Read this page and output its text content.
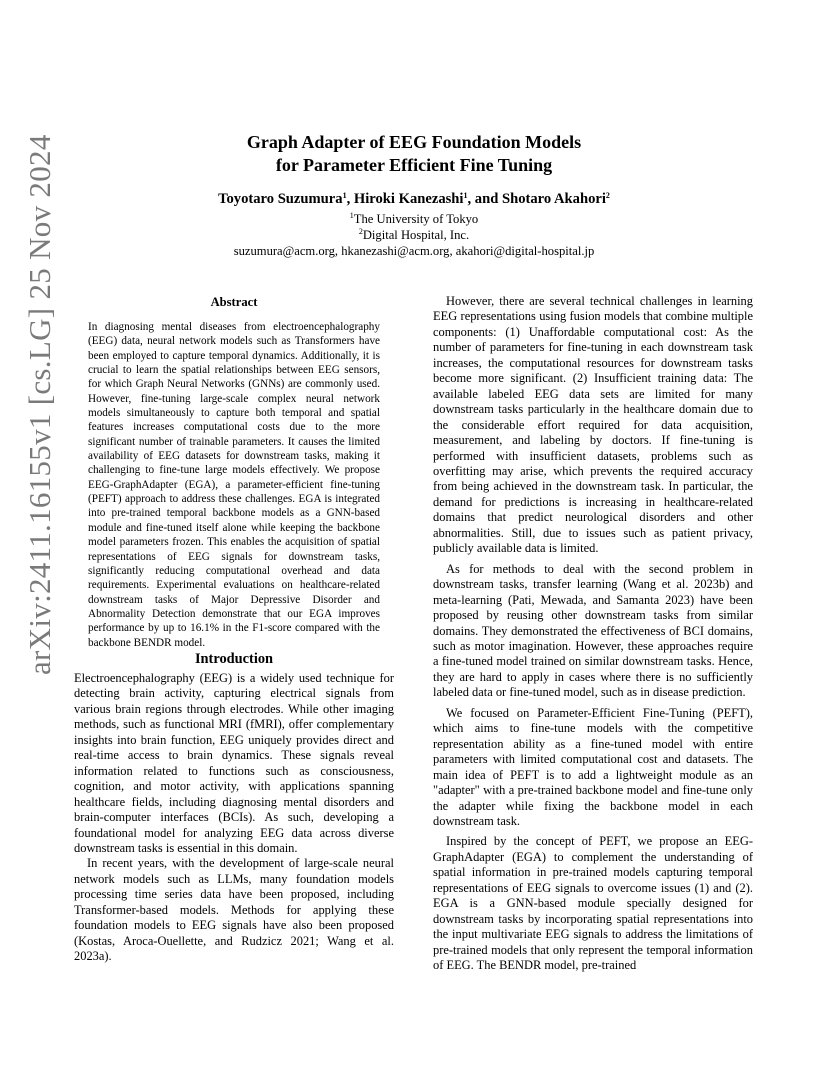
arXiv:2411.16155v1 [cs.LG] 25 Nov 2024	Graph Adapter of EEG Foundation Models
for Parameter Efficient Fine Tuning
Toyotaro Suzumura$^1$, Hiroki Kanezashi$^1$, and Shotaro Akahori$^2$
$^1$The University of Tokyo
$^2$Digital Hospital, Inc.
suzumura@acm.org, hkanezashi@acm.org, akahori@digital-hospital.jp
Abstract

In diagnosing mental diseases from electroencephalography (EEG) data, neural network models such as Transformers have been employed to capture temporal dynamics. Additionally, it is crucial to learn the spatial relationships between EEG sensors, for which Graph Neural Networks (GNNs) are commonly used. However, fine-tuning large-scale complex neural network models simultaneously to capture both temporal and spatial features increases computational costs due to the more significant number of trainable parameters. It causes the limited availability of EEG datasets for downstream tasks, making it challenging to fine-tune large models effectively. We propose EEG-GraphAdapter (EGA), a parameter-efficient fine-tuning (PEFT) approach to address these challenges. EGA is integrated into pre-trained temporal backbone models as a GNN-based module and fine-tuned itself alone while keeping the backbone model parameters frozen. This enables the acquisition of spatial representations of EEG signals for downstream tasks, significantly reducing computational overhead and data requirements. Experimental evaluations on healthcare-related downstream tasks of Major Depressive Disorder and Abnormality Detection demonstrate that our EGA improves performance by up to 16.1% in the F1-score compared with the backbone BENDR model.

Introduction

Electroencephalography (EEG) is a widely used technique for detecting brain activity, capturing electrical signals from various brain regions through electrodes. While other imaging methods, such as functional MRI (fMRI), offer complementary insights into brain function, EEG uniquely provides direct and real-time access to brain dynamics. These signals reveal information related to functions such as consciousness, cognition, and motor activity, with applications spanning healthcare fields, including diagnosing mental disorders and brain-computer interfaces (BCIs). As such, developing a foundational model for analyzing EEG data across diverse downstream tasks is essential in this domain.

In recent years, with the development of large-scale neural network models such as LLMs, many foundation models processing time series data have been proposed, including Transformer-based models. Methods for applying these foundation models to EEG signals have also been proposed (Kostas, Aroca-Ouellette, and Rudzicz 2021; Wang et al. 2023a).

However, there are several technical challenges in learning EEG representations using fusion models that combine multiple components: (1) Unaffordable computational cost: As the number of parameters for fine-tuning in each downstream task increases, the computational resources for downstream tasks become more significant. (2) Insufficient training data: The available labeled EEG data sets are limited for many downstream tasks particularly in the healthcare domain due to the considerable effort required for data acquisition, measurement, and labeling by doctors. If fine-tuning is performed with insufficient datasets, problems such as overfitting may arise, which prevents the required accuracy from being achieved in the downstream task. In particular, the demand for predictions is increasing in healthcare-related domains that predict neurological disorders and other abnormalities. Still, due to issues such as patient privacy, publicly available data is limited.

As for methods to deal with the second problem in downstream tasks, transfer learning (Wang et al. 2023b) and meta-learning (Pati, Mewada, and Samanta 2023) have been proposed by reusing other downstream tasks from similar domains. They demonstrated the effectiveness of BCI domains, such as motor imagination. However, these approaches require a fine-tuned model trained on similar downstream tasks. Hence, they are hard to apply in cases where there is no sufficiently labeled data or fine-tuned model, such as in disease prediction.

We focused on Parameter-Efficient Fine-Tuning (PEFT), which aims to fine-tune models with the competitive representation ability as a fine-tuned model with entire parameters with limited computational cost and datasets. The main idea of PEFT is to add a lightweight module as an "adapter" with a pre-trained backbone model and fine-tune only the adapter while fixing the backbone model in each downstream task.

Inspired by the concept of PEFT, we propose an EEG-GraphAdapter (EGA) to complement the understanding of spatial information in pre-trained models capturing temporal representations of EEG signals to overcome issues (1) and (2). EGA is a GNN-based module specially designed for downstream tasks by incorporating spatial representations into the input multivariate EEG signals to address the limitations of pre-trained models that only represent the temporal information of EEG. The BENDR model, pre-trained
